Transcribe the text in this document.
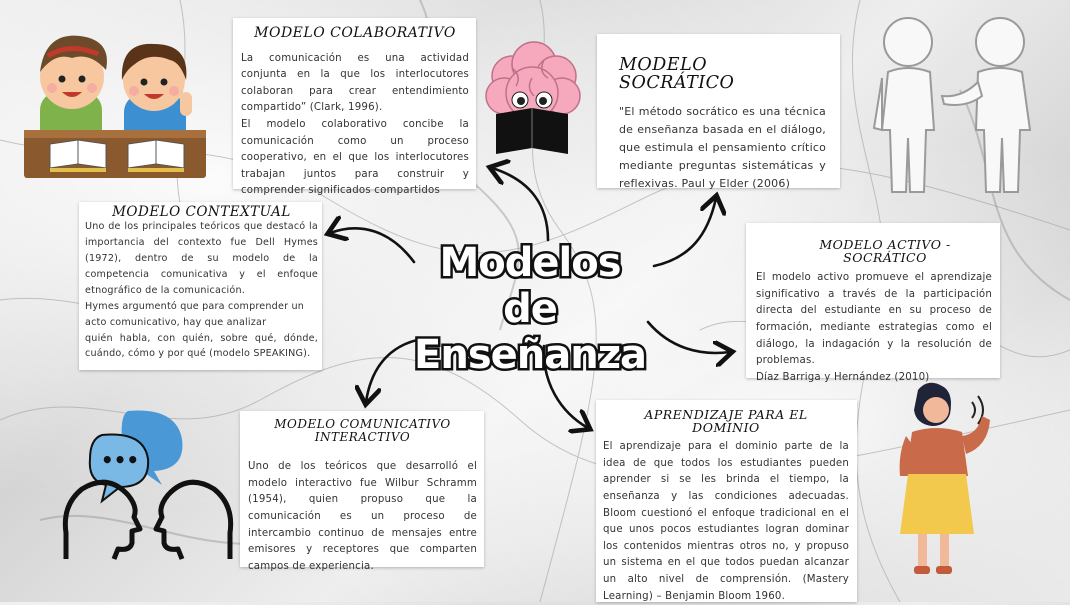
Modelos de
Enseñanza
MODELO COLABORATIVO

La comunicación es una actividad conjunta en la que los interlocutores colaboran para crear entendimiento compartido” (Clark, 1996).

El modelo colaborativo concibe la comunicación como un proceso cooperativo, en el que los interlocutores trabajan juntos para construir y comprender significados compartidos

MODELO SOCRÁTICO

"El método socrático es una técnica de enseñanza basada en el diálogo, que estimula el pensamiento crítico mediante preguntas sistemáticas y reflexivas. Paul y Elder (2006)

MODELO CONTEXTUAL

Uno de los principales teóricos que destacó la importancia del contexto fue Dell Hymes (1972), dentro de su modelo de la competencia comunicativa y el enfoque etnográfico de la comunicación.

Hymes argumentó que para comprender un acto comunicativo, hay que analizar

quién habla, con quién, sobre qué, dónde, cuándo, cómo y por qué (modelo SPEAKING).

MODELO ACTIVO - SOCRÁTICO

El modelo activo promueve el aprendizaje significativo a través de la participación directa del estudiante en su proceso de formación, mediante estrategias como el diálogo, la indagación y la resolución de problemas.

Díaz Barriga y Hernández (2010)

MODELO COMUNICATIVO INTERACTIVO

Uno de los teóricos que desarrolló el modelo interactivo fue Wilbur Schramm (1954), quien propuso que la comunicación es un proceso de intercambio continuo de mensajes entre emisores y receptores que comparten campos de experiencia.

APRENDIZAJE PARA EL DOMINIO

El aprendizaje para el dominio parte de la idea de que todos los estudiantes pueden aprender si se les brinda el tiempo, la enseñanza y las condiciones adecuadas. Bloom cuestionó el enfoque tradicional en el que unos pocos estudiantes logran dominar los contenidos mientras otros no, y propuso un sistema en el que todos puedan alcanzar un alto nivel de comprensión. (Mastery Learning) – Benjamin Bloom 1960.

•••
